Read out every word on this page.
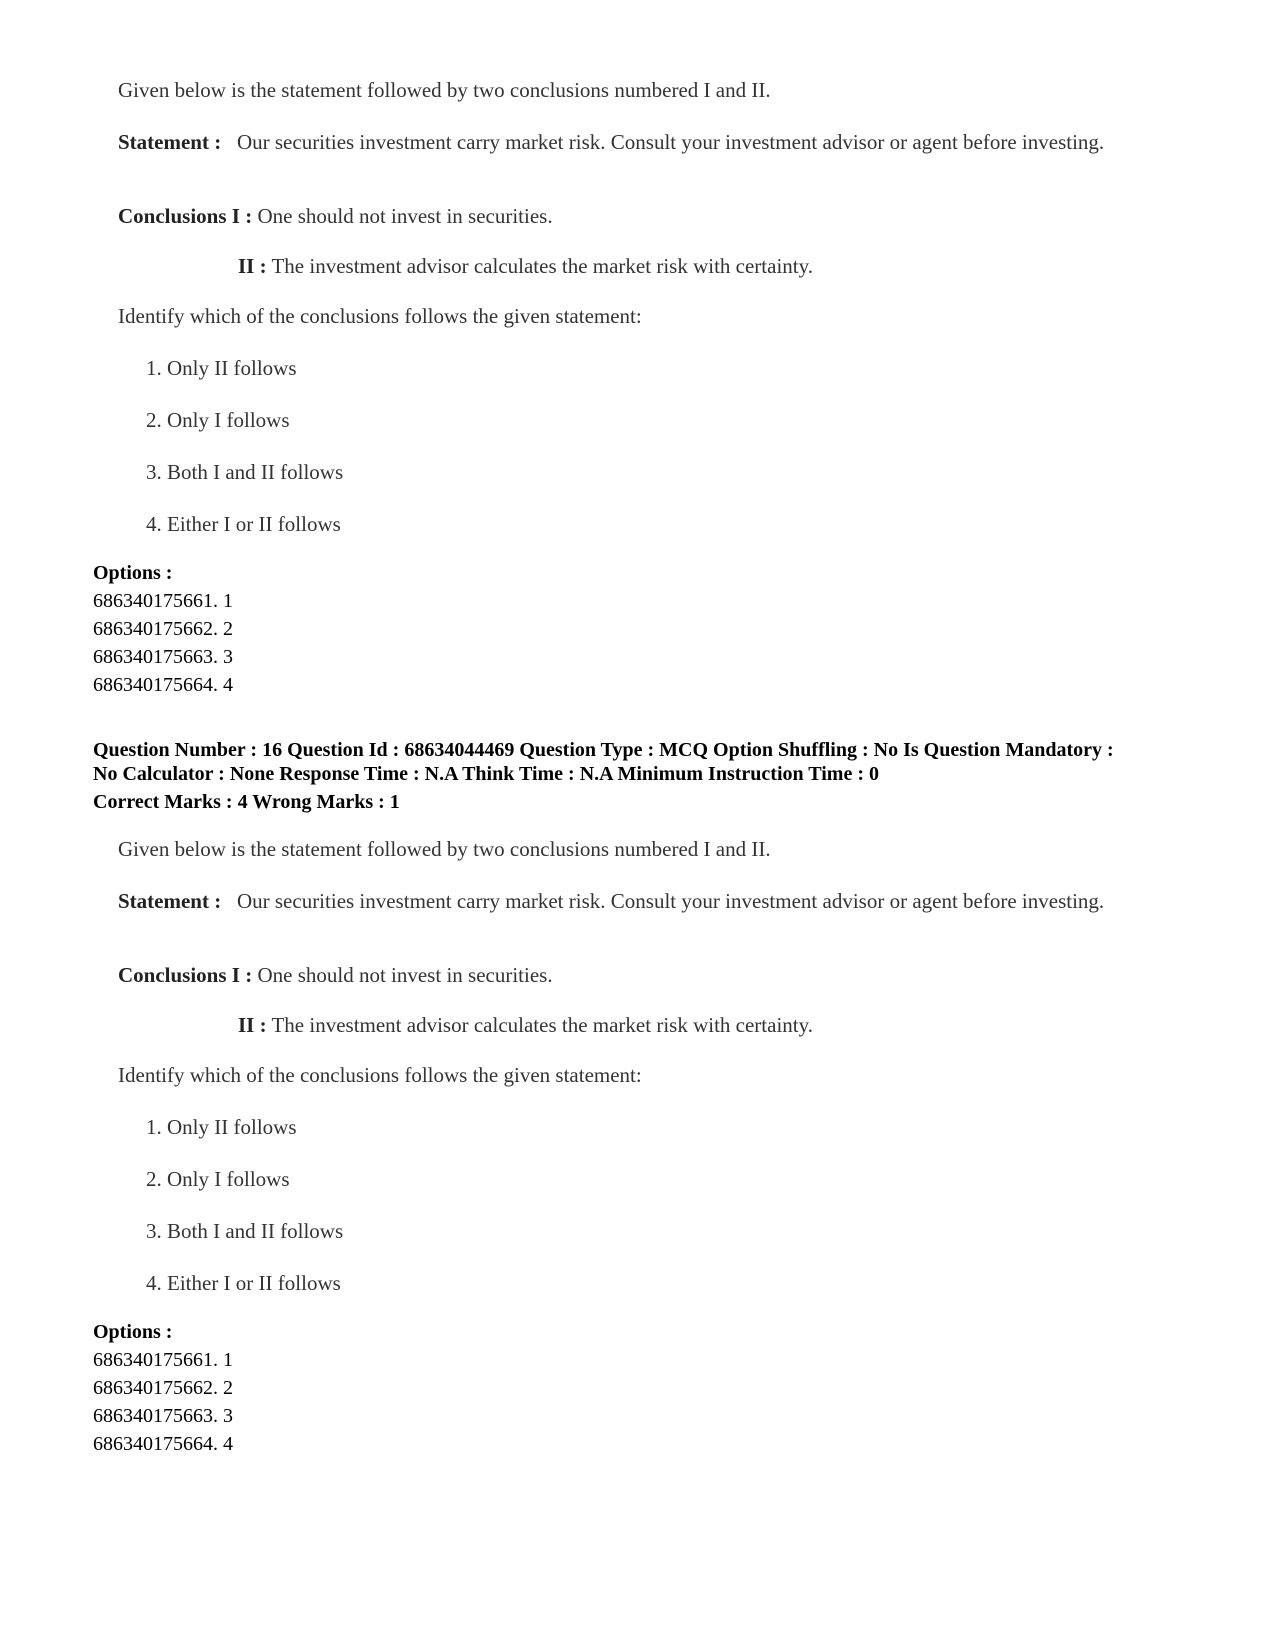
Given below is the statement followed by two conclusions numbered I and II.
Statement : Our securities investment carry market risk. Consult your investment advisor or agent before investing.
Conclusions I : One should not invest in securities.
II : The investment advisor calculates the market risk with certainty.
Identify which of the conclusions follows the given statement:
1. Only II follows
2. Only I follows
3. Both I and II follows
4. Either I or II follows
Options :
686340175661. 1
686340175662. 2
686340175663. 3
686340175664. 4
Question Number : 16 Question Id : 68634044469 Question Type : MCQ Option Shuffling : No Is Question Mandatory :
No Calculator : None Response Time : N.A Think Time : N.A Minimum Instruction Time : 0
Correct Marks : 4 Wrong Marks : 1
Given below is the statement followed by two conclusions numbered I and II.
Statement : Our securities investment carry market risk. Consult your investment advisor or agent before investing.
Conclusions I : One should not invest in securities.
II : The investment advisor calculates the market risk with certainty.
Identify which of the conclusions follows the given statement:
1. Only II follows
2. Only I follows
3. Both I and II follows
4. Either I or II follows
Options :
686340175661. 1
686340175662. 2
686340175663. 3
686340175664. 4
